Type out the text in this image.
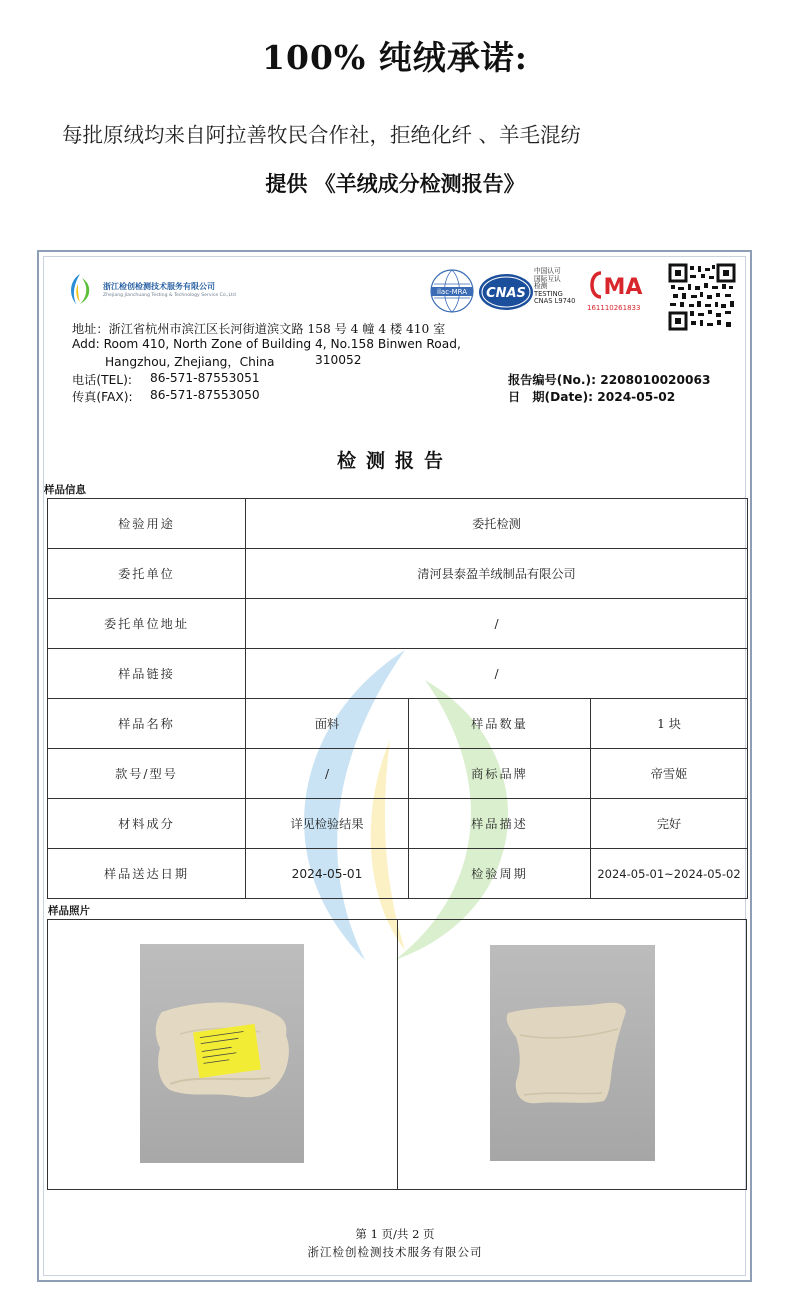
100% 纯绒承诺:
每批原绒均来自阿拉善牧民合作社，拒绝化纤 、羊毛混纺
提供 《羊绒成分检测报告》
浙江检创检测技术服务有限公司
Zhejiang Jianchuang Testing & Technology Service Co.,Ltd	ilac-MRA CNAS
中国认可
国际互认
检测
TESTING
CNAS L9740
MA
161110261833
地址：浙江省杭州市滨江区长河街道滨文路 158 号 4 幢 4 楼 410 室
Add: Room 410, North Zone of Building 4, No.158 Binwen Road,
Hangzhou, Zhejiang，China	310052
电话(TEL): 86-571-87553051
传真(FAX): 86-571-87553050
报告编号(No.): 2208010020063
日　期(Date): 2024-05-02
检测报告
样品信息
检验用途	委托检测		
委托单位	清河县泰盈羊绒制品有限公司		
委托单位地址	/		
样品链接	/		
样品名称	面料	样品数量	1 块
款号/型号	/	商标品牌	帝雪姬
材料成分	详见检验结果	样品描述	完好
样品送达日期	2024-05-01	检验周期	2024-05-01~2024-05-02
样品照片
第 1 页/共 2 页
浙江检创检测技术服务有限公司
